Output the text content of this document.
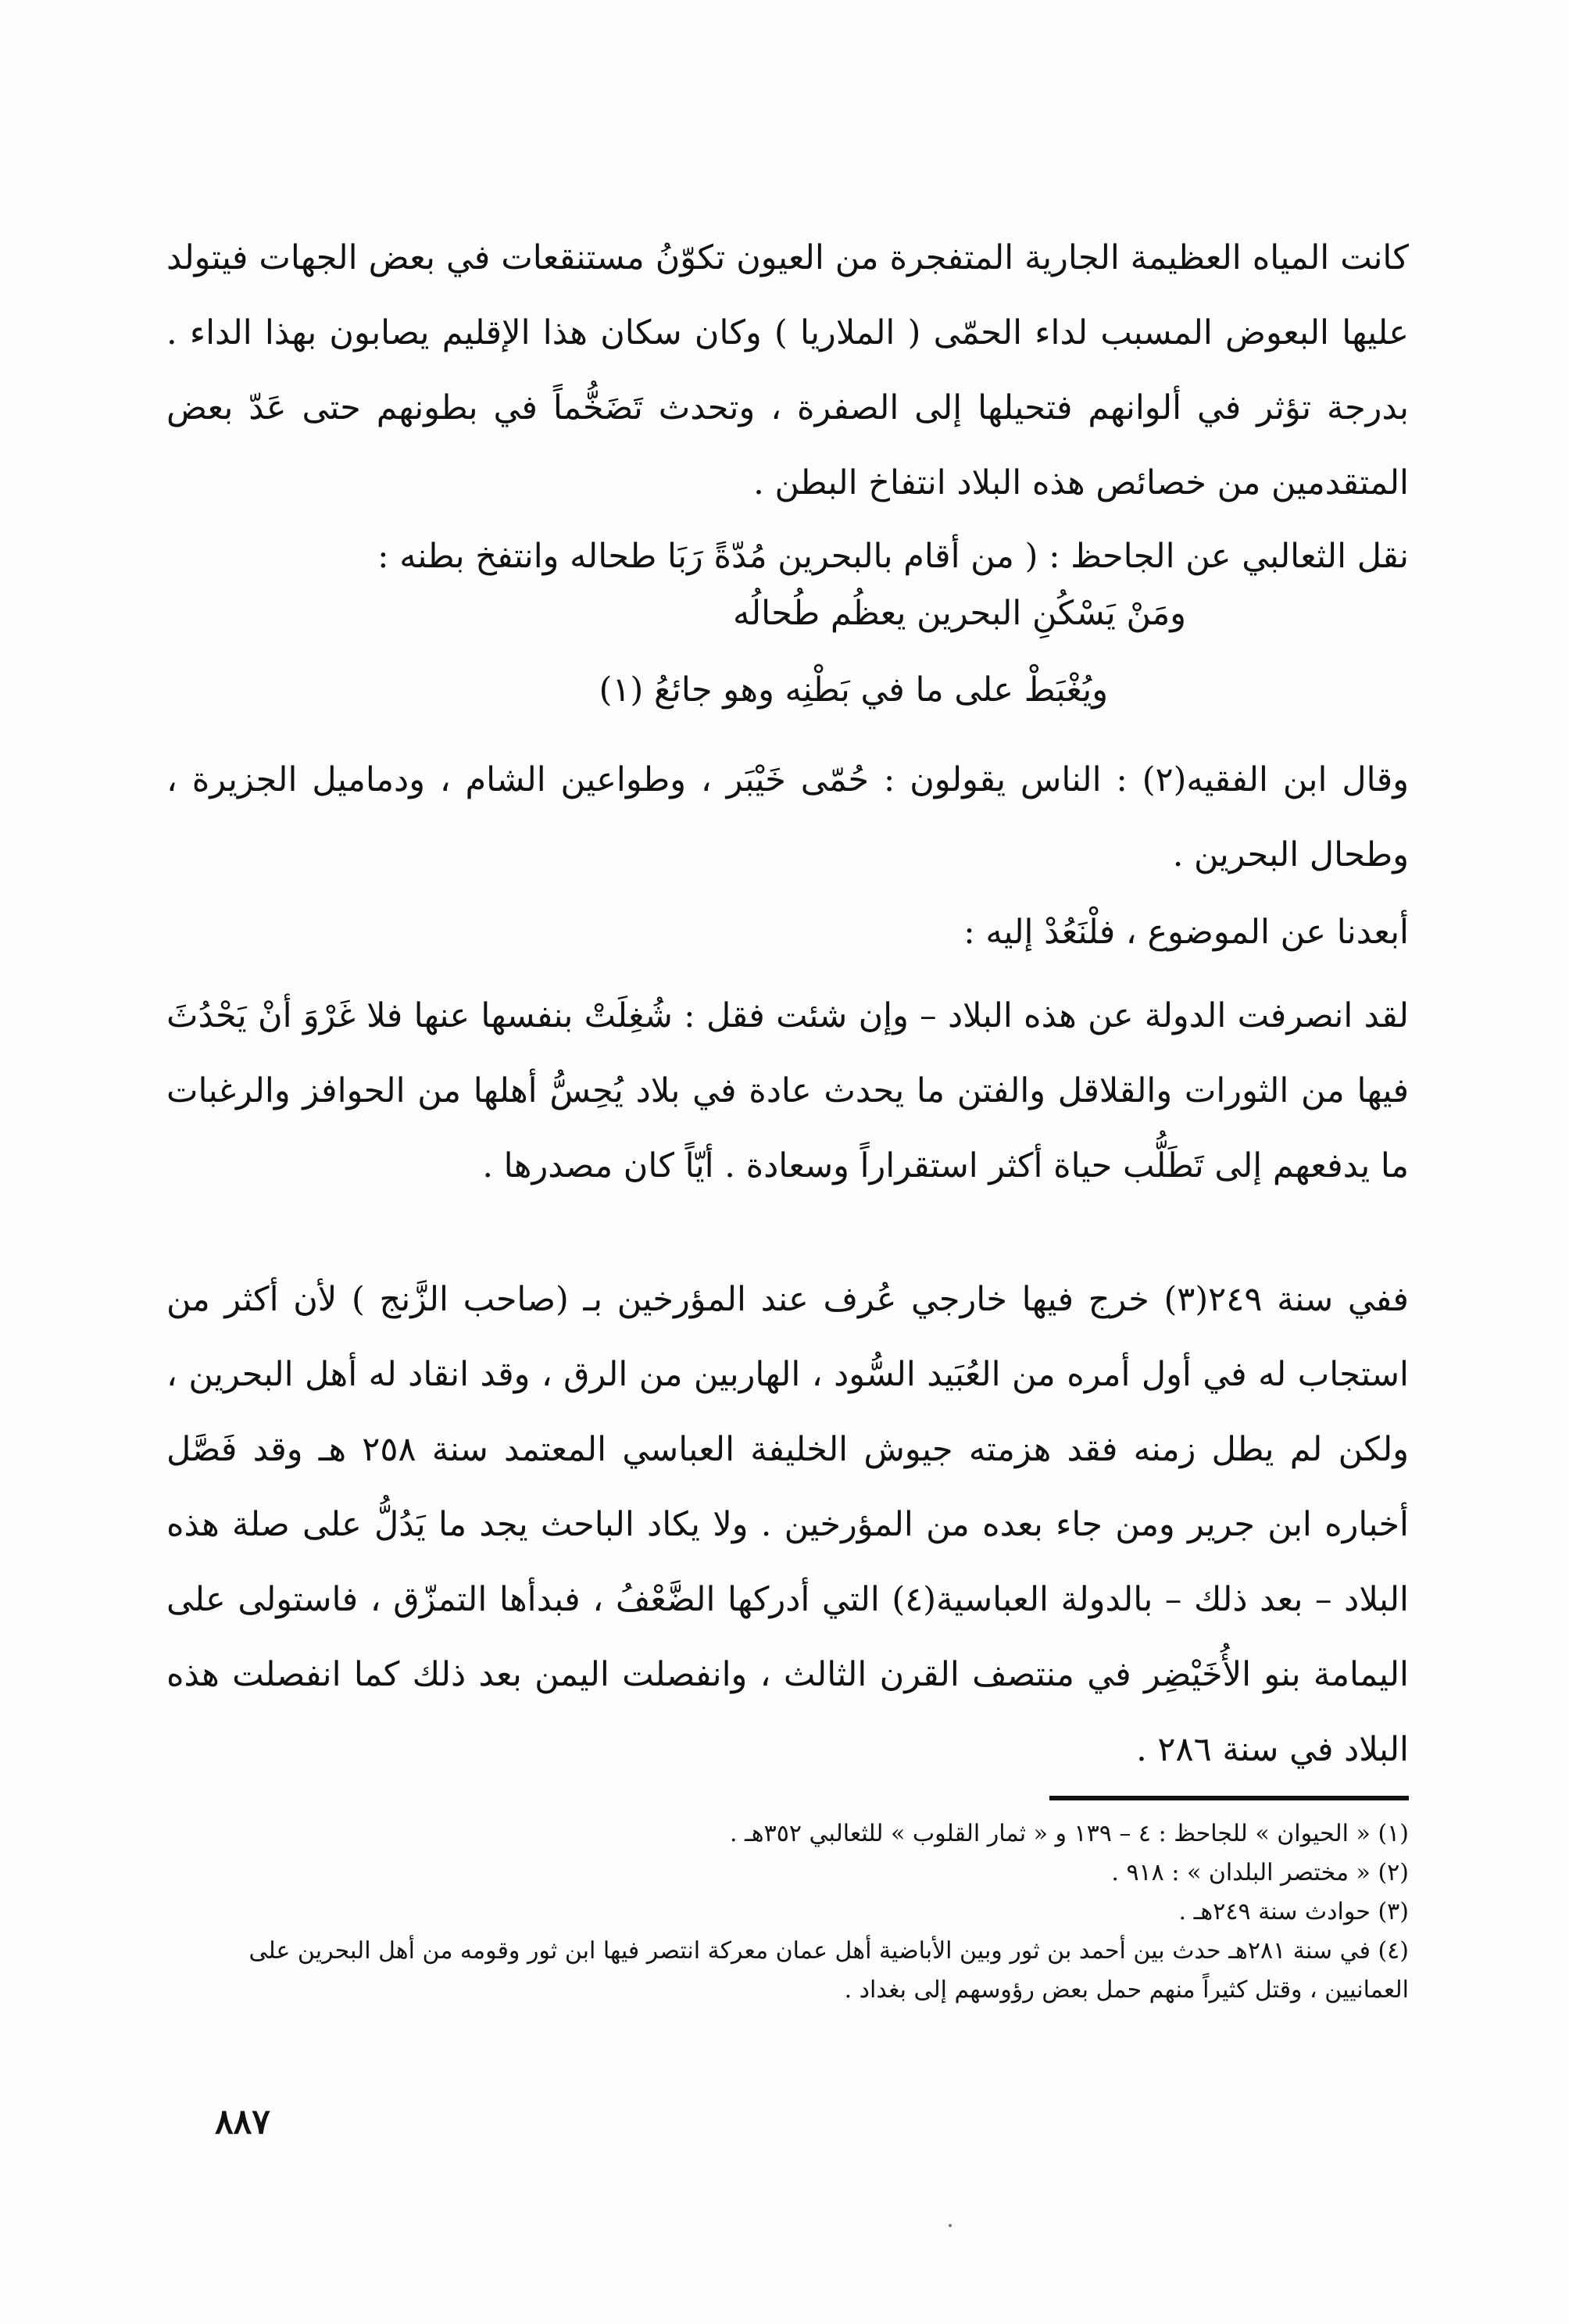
كانت المياه العظيمة الجارية المتفجرة من العيون تكوّنُ مستنقعات في بعض الجهات فيتولد عليها البعوض المسبب لداء الحمّى ( الملاريا ) وكان سكان هذا الإقليم يصابون بهذا الداء . بدرجة تؤثر في ألوانهم فتحيلها إلى الصفرة ، وتحدث تَضَخُّماً في بطونهم حتى عَدّ بعض المتقدمين من خصائص هذه البلاد انتفاخ البطن .

نقل الثعالبي عن الجاحظ : ( من أقام بالبحرين مُدّةً رَبَا طحاله وانتفخ بطنه :

ومَنْ يَسْكُنِ البحرين يعظُم طُحالُه
ويُغْبَطْ على ما في بَطْنِه وهو جائعُ (١)

وقال ابن الفقيه(٢) : الناس يقولون : حُمّى خَيْبَر ، وطواعين الشام ، ودماميل الجزيرة ، وطحال البحرين .

أبعدنا عن الموضوع ، فلْنَعُدْ إليه :

لقد انصرفت الدولة عن هذه البلاد – وإن شئت فقل : شُغِلَتْ بنفسها عنها فلا غَرْوَ أنْ يَحْدُثَ فيها من الثورات والقلاقل والفتن ما يحدث عادة في بلاد يُحِسُّ أهلها من الحوافز والرغبات ما يدفعهم إلى تَطَلُّب حياة أكثر استقراراً وسعادة . أيّاً كان مصدرها .

ففي سنة ٢٤٩(٣) خرج فيها خارجي عُرف عند المؤرخين بـ (صاحب الزَّنج ) لأن أكثر من استجاب له في أول أمره من العُبَيد السُّود ، الهاربين من الرق ، وقد انقاد له أهل البحرين ، ولكن لم يطل زمنه فقد هزمته جيوش الخليفة العباسي المعتمد سنة ٢٥٨ هـ وقد فَصَّل أخباره ابن جرير ومن جاء بعده من المؤرخين . ولا يكاد الباحث يجد ما يَدُلُّ على صلة هذه البلاد – بعد ذلك – بالدولة العباسية(٤) التي أدركها الضَّعْفُ ، فبدأها التمزّق ، فاستولى على اليمامة بنو الأُخَيْضِر في منتصف القرن الثالث ، وانفصلت اليمن بعد ذلك كما انفصلت هذه البلاد في سنة ٢٨٦ .

(١) « الحيوان » للجاحظ : ٤ – ١٣٩ و « ثمار القلوب » للثعالبي ٣٥٢هـ .

(٢) « مختصر البلدان » : ٩١٨ .

(٣) حوادث سنة ٢٤٩هـ .

(٤) في سنة ٢٨١هـ حدث بين أحمد بن ثور وبين الأباضية أهل عمان معركة انتصر فيها ابن ثور وقومه من أهل البحرين على العمانيين ، وقتل كثيراً منهم حمل بعض رؤوسهم إلى بغداد .

٨٨٧
